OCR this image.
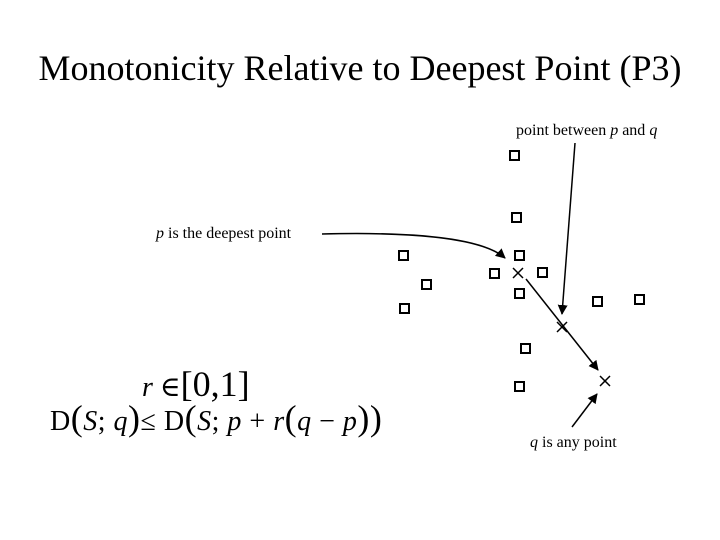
Monotonicity Relative to Deepest Point (P3)
point between p and q
p is the deepest point
q is any point
r ∈[0,1]
D(S; q)≤ D(S; p + r(q − p))
